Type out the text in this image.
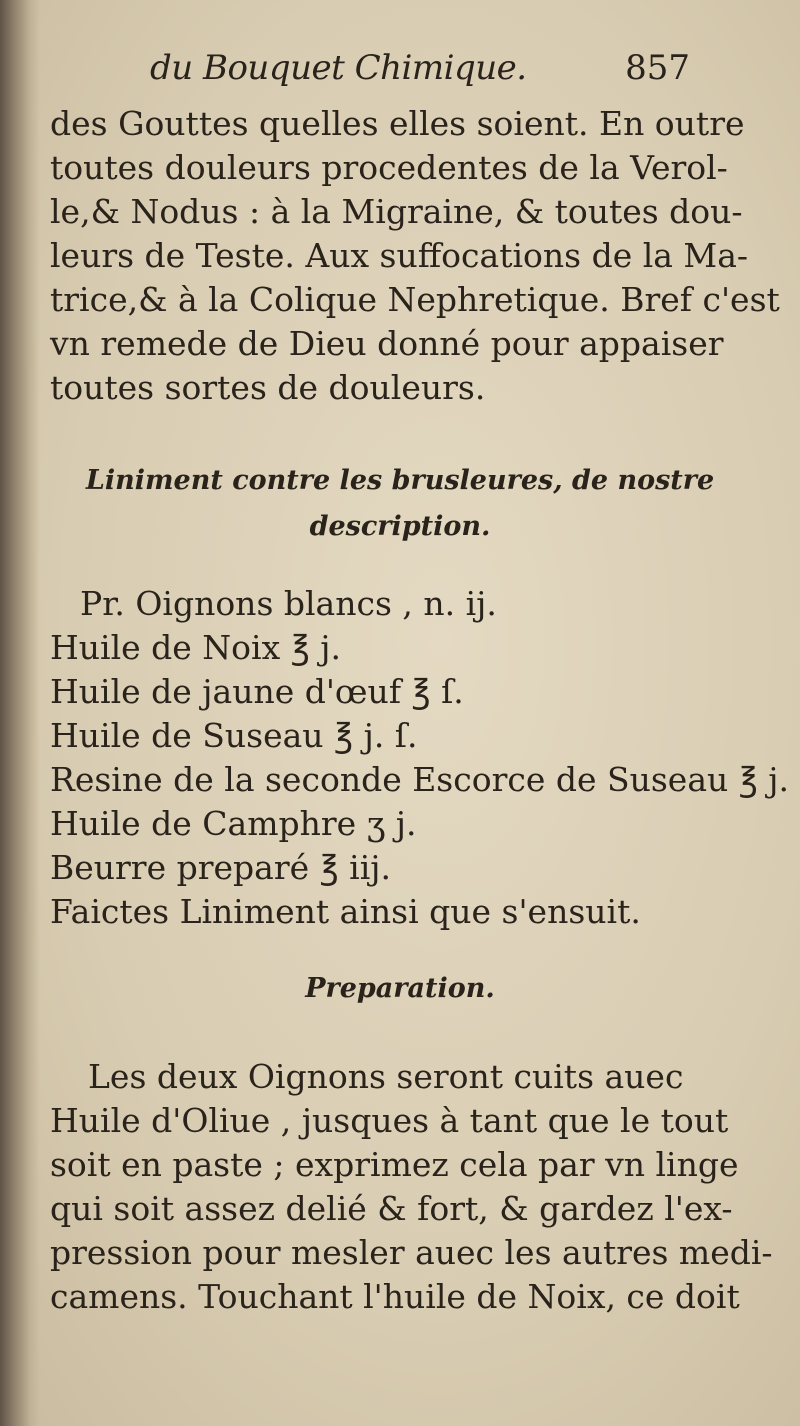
du Bouquet Chimique.	857
des Gouttes quelles elles soient. En outre
toutes douleurs procedentes de la Verol-
le,& Nodus : à la Migraine, & toutes dou-
leurs de Teste. Aux suffocations de la Ma-
trice,& à la Colique Nephretique. Bref c'est
vn remede de Dieu donné pour appaiser
toutes sortes de douleurs.
Liniment contre les brusleures, de nostre
description.
Pr. Oignons blancs , n. ij.
Huile de Noix ℥ j.
Huile de jaune d'œuf ℥ ſ.
Huile de Suseau ℥ j. ſ.
Resine de la seconde Escorce de Suseau ℥ j.
Huile de Camphre ʒ j.
Beurre preparé ℥ iij.
Faictes Liniment ainsi que s'ensuit.
Preparation.
Les deux Oignons seront cuits auec
Huile d'Oliue , jusques à tant que le tout
soit en paste ; exprimez cela par vn linge
qui soit assez delié & fort, & gardez l'ex-
pression pour mesler auec les autres medi-
camens. Touchant l'huile de Noix, ce doit
